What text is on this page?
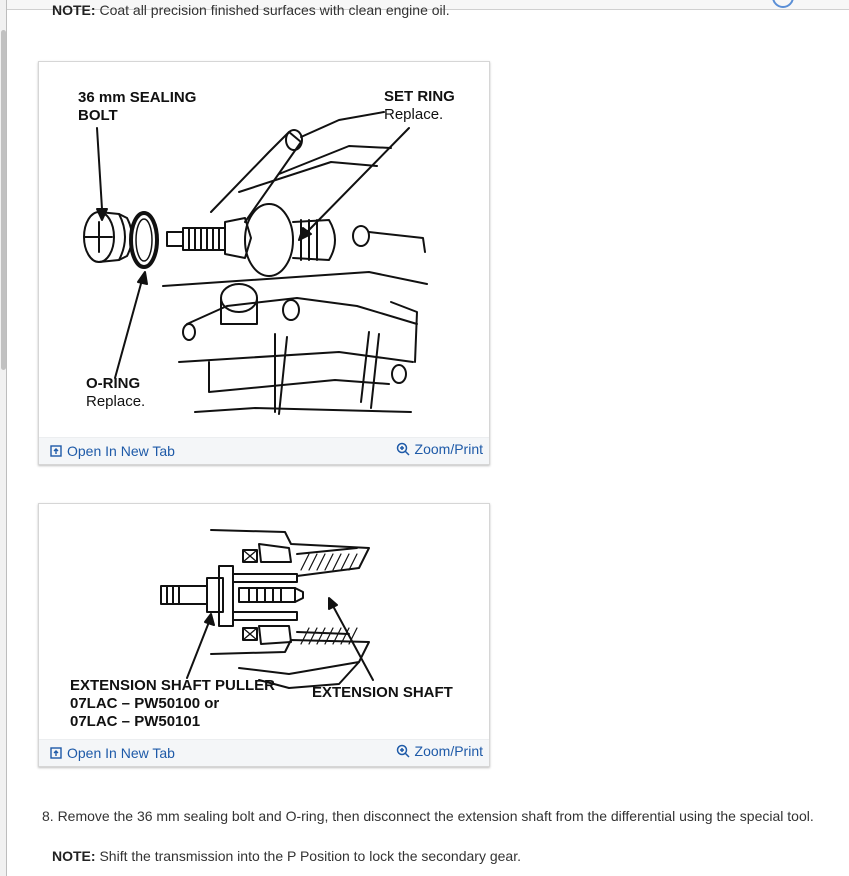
NOTE: Coat all precision finished surfaces with clean engine oil.
36 mm SEALING
BOLT
SET RING
Replace.
O-RING
Replace.
Open In New Tab	Zoom/Print
EXTENSION SHAFT PULLER
07LAC – PW50100 or
07LAC – PW50101
EXTENSION SHAFT
Open In New Tab	Zoom/Print
8. Remove the 36 mm sealing bolt and O-ring, then disconnect the extension shaft from the differential using the special tool.
NOTE: Shift the transmission into the P Position to lock the secondary gear.
